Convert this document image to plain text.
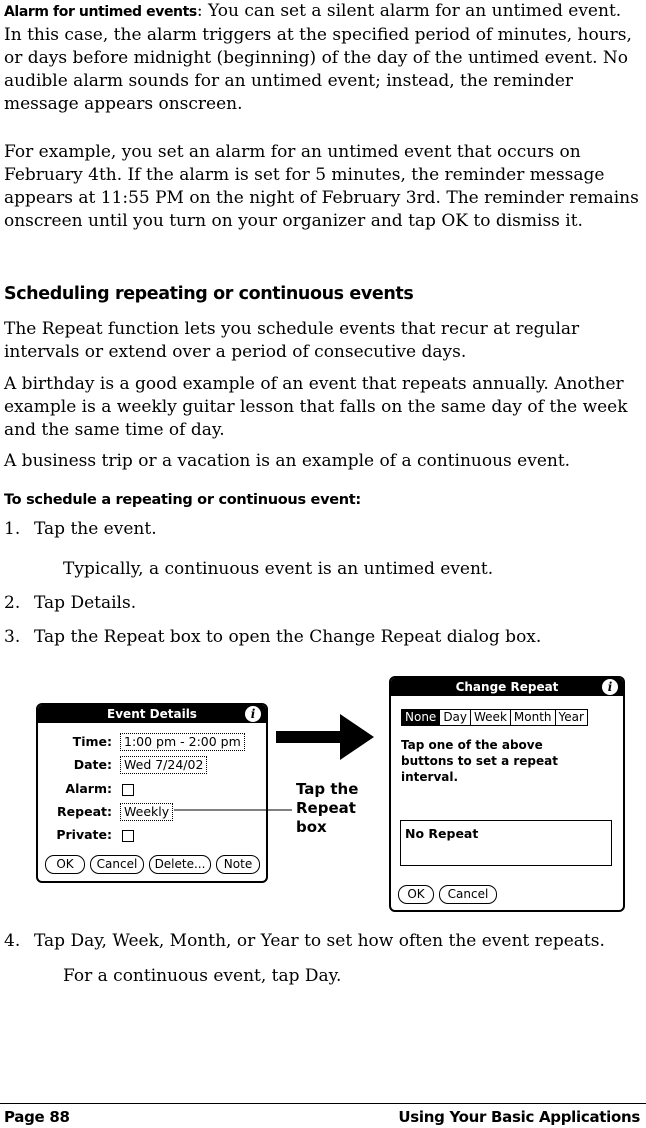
Alarm for untimed events: You can set a silent alarm for an untimed event. In this case, the alarm triggers at the specified period of minutes, hours, or days before midnight (beginning) of the day of the untimed event. No audible alarm sounds for an untimed event; instead, the reminder message appears onscreen.

For example, you set an alarm for an untimed event that occurs on February 4th. If the alarm is set for 5 minutes, the reminder message appears at 11:55 PM on the night of February 3rd. The reminder remains onscreen until you turn on your organizer and tap OK to dismiss it.

Scheduling repeating or continuous events

The Repeat function lets you schedule events that recur at regular intervals or extend over a period of consecutive days.

A birthday is a good example of an event that repeats annually. Another example is a weekly guitar lesson that falls on the same day of the week and the same time of day.

A business trip or a vacation is an example of a continuous event.

To schedule a repeating or continuous event:

1. Tap the event.

Typically, a continuous event is an untimed event.

2. Tap Details.

3. Tap the Repeat box to open the Change Repeat dialog box.

Event Details	i
Time: 1:00 pm - 2:00 pm
Date: Wed 7/24/02
Alarm:
Repeat: Weekly
Private:
OK	Cancel	Delete...	Note
Tap the
Repeat
box
Change Repeat	i
None Day Week Month Year
Tap one of the above
buttons to set a repeat
interval.
No Repeat
OK	Cancel

4. Tap Day, Week, Month, or Year to set how often the event repeats.

For a continuous event, tap Day.

Page 88	Using Your Basic Applications
